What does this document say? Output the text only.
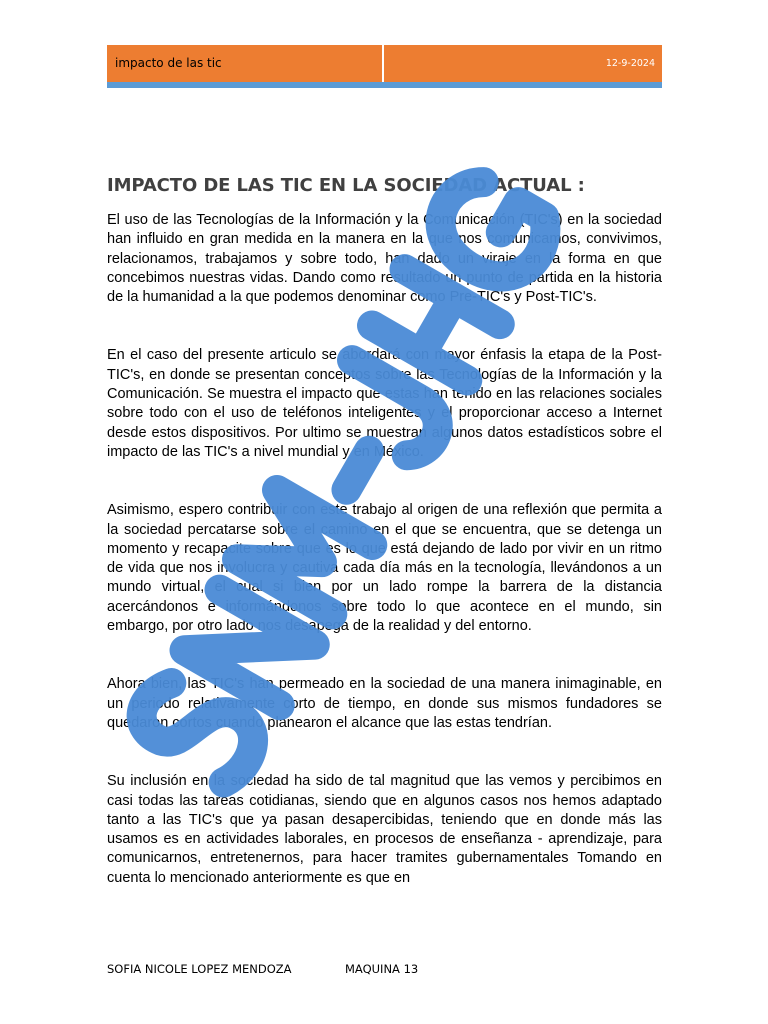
impacto de las tic	12-9-2024
IMPACTO DE LAS TIC EN LA SOCIEDAD ACTUAL :

El uso de las Tecnologías de la Información y la Comunicación (TIC's) en la sociedad han influido en gran medida en la manera en la que nos comunicamos, convivimos, relacionamos, trabajamos y sobre todo, han dado un viraje en la forma en que concebimos nuestras vidas. Dando como resultado un punto de partida en la historia de la humanidad a la que podemos denominar como Pre-TIC's y Post-TIC's.

En el caso del presente articulo se abordará con mayor énfasis la etapa de la Post-TIC's, en donde se presentan conceptos sobre las Tecnologías de la Información y la Comunicación. Se muestra el impacto que estas han tenido en las relaciones sociales sobre todo con el uso de teléfonos inteligentes y el proporcionar acceso a Internet desde estos dispositivos. Por ultimo se muestran algunos datos estadísticos sobre el impacto de las TIC's a nivel mundial y en México.

Asimismo, espero contribuir con este trabajo al origen de una reflexión que permita a la sociedad percatarse sobre el camino en el que se encuentra, que se detenga un momento y recapacite sobre que es lo que está dejando de lado por vivir en un ritmo de vida que nos involucra y cautiva cada día más en la tecnología, llevándonos a un mundo virtual, el cual si bien por un lado rompe la barrera de la distancia acercándonos e informándonos sobre todo lo que acontece en el mundo, sin embargo, por otro lado nos desapega de la realidad y del entorno.

Ahora bien, las TIC's han permeado en la sociedad de una manera inimaginable, en un periodo relativamente corto de tiempo, en donde sus mismos fundadores se quedaron cortos cuando planearon el alcance que las estas tendrían.

Su inclusión en la sociedad ha sido de tal magnitud que las vemos y percibimos en casi todas las tareas cotidianas, siendo que en algunos casos nos hemos adaptado tanto a las TIC's que ya pasan desapercibidas, teniendo que en donde más las usamos es en actividades laborales, en procesos de enseñanza - aprendizaje, para comunicarnos, entretenernos, para hacer tramites gubernamentales Tomando en cuenta lo mencionado anteriormente es que en

SOFIA NICOLE LOPEZ MENDOZA	MAQUINA 13
